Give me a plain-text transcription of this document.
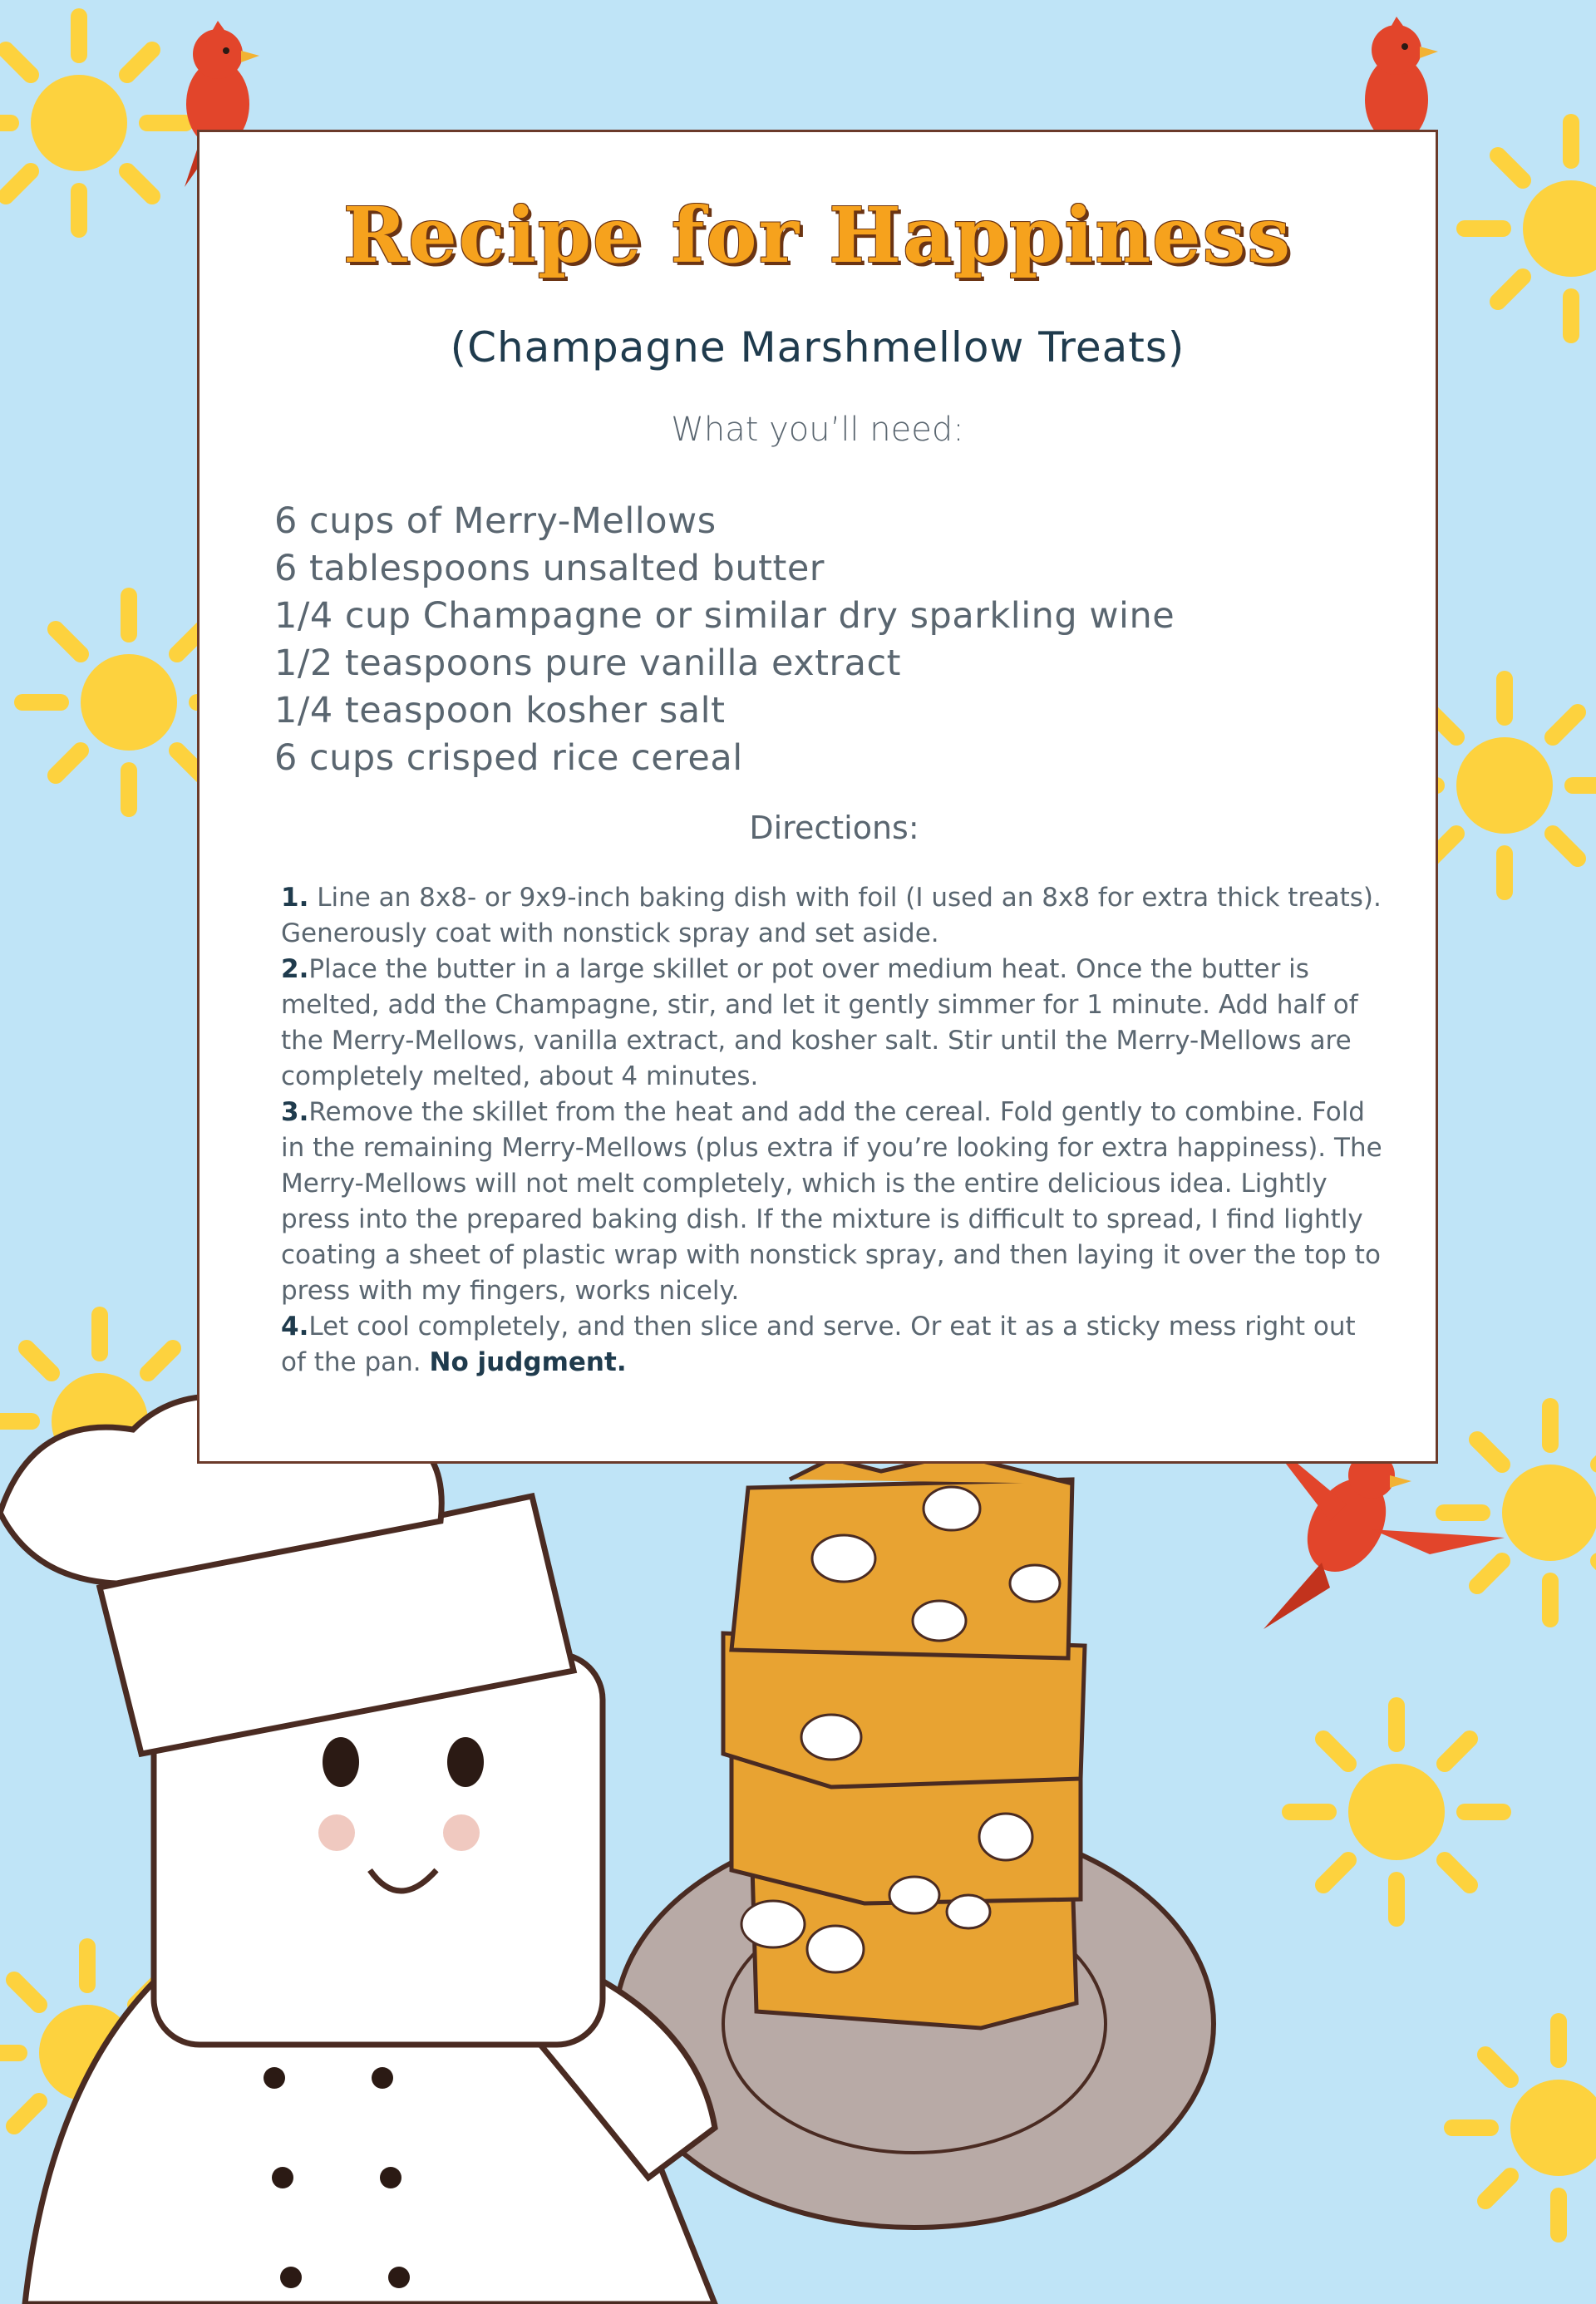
Recipe for Happiness
(Champagne Marshmellow Treats)
What you’ll need:
6 cups of Merry-Mellows
6 tablespoons unsalted butter
1/4 cup Champagne or similar dry sparkling wine
1/2 teaspoons pure vanilla extract
1/4 teaspoon kosher salt
6 cups crisped rice cereal
Directions:

1. Line an 8x8- or 9x9-inch baking dish with foil (I used an 8x8 for extra thick treats). Generously coat with nonstick spray and set aside.

2.Place the butter in a large skillet or pot over medium heat. Once the butter is melted, add the Champagne, stir, and let it gently simmer for 1 minute. Add half of the Merry-Mellows, vanilla extract, and kosher salt. Stir until the Merry-Mellows are completely melted, about 4 minutes.

3.Remove the skillet from the heat and add the cereal. Fold gently to combine. Fold in the remaining Merry-Mellows (plus extra if you’re looking for extra happiness). The Merry-Mellows will not melt completely, which is the entire delicious idea. Lightly press into the prepared baking dish. If the mixture is difficult to spread, I find lightly coating a sheet of plastic wrap with nonstick spray, and then laying it over the top to press with my fingers, works nicely.

4.Let cool completely, and then slice and serve. Or eat it as a sticky mess right out of the pan. No judgment.
